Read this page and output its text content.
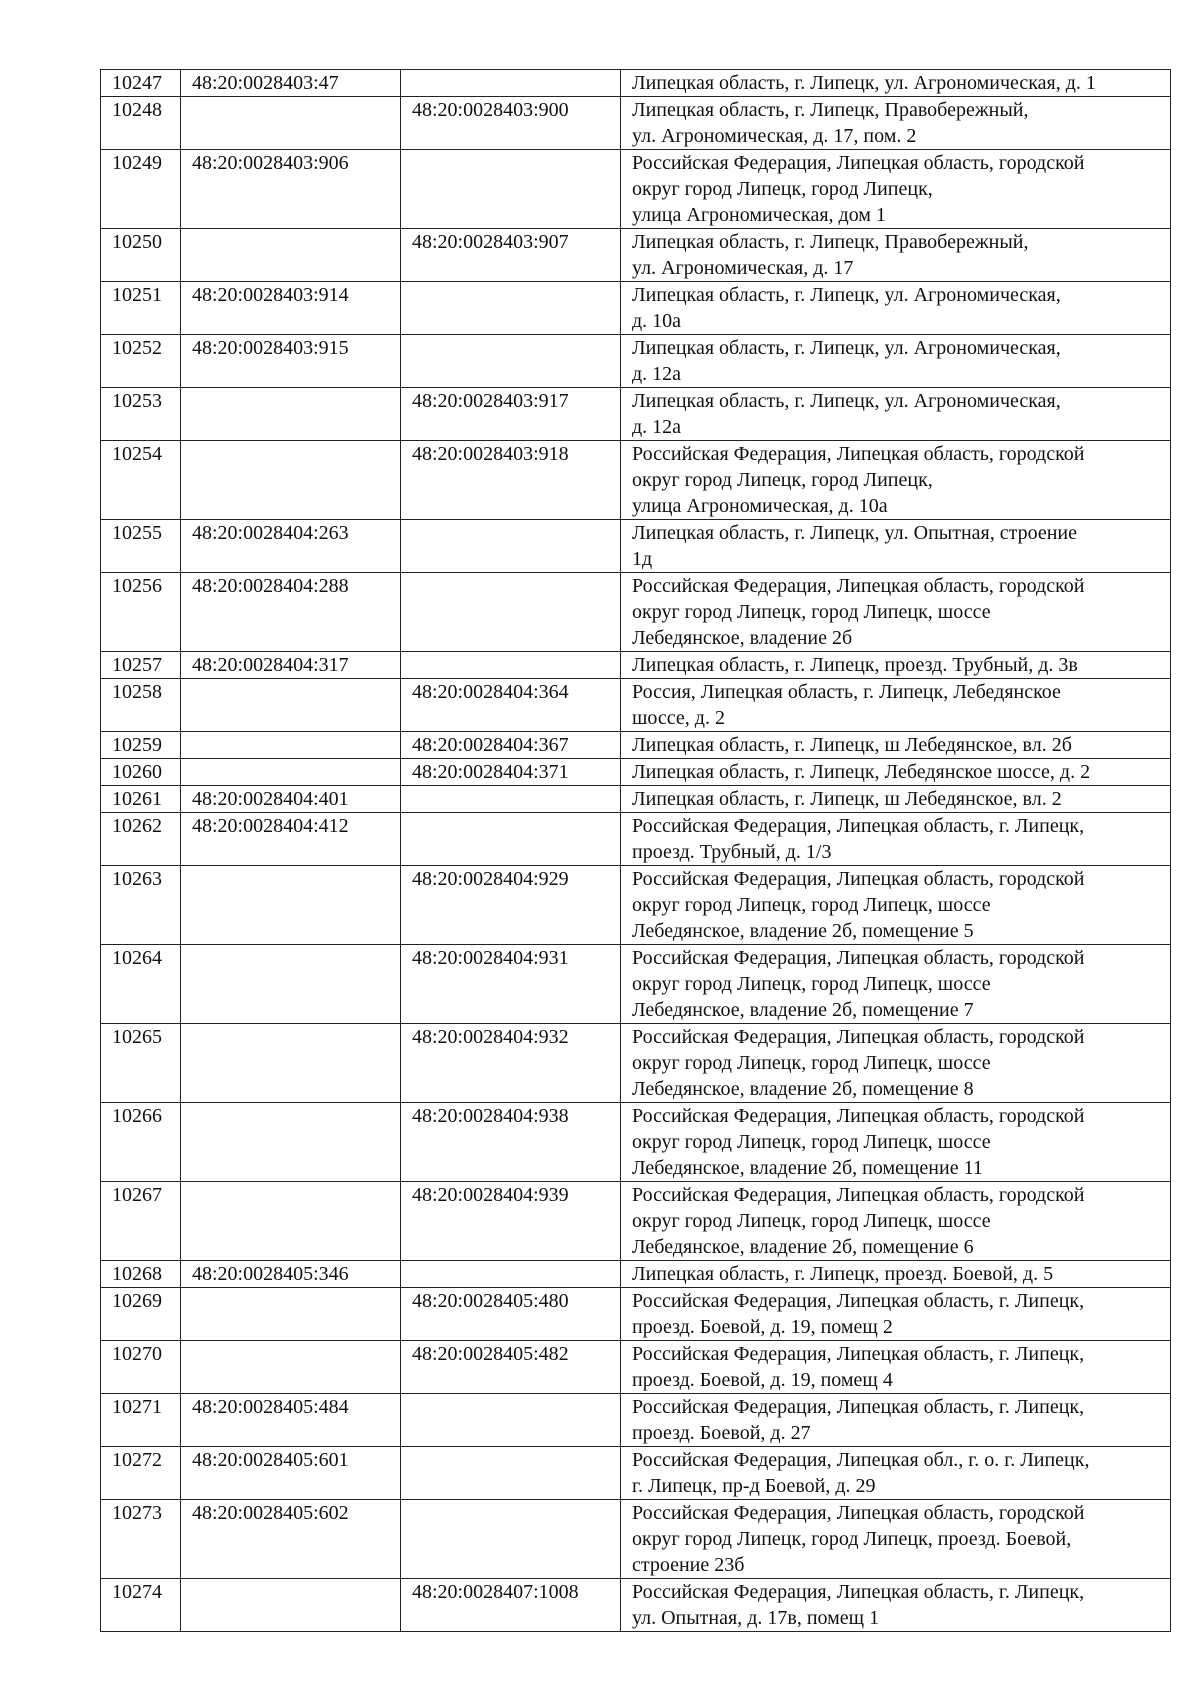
10247	48:20:0028403:47		Липецкая область, г. Липецк, ул. Агрономическая, д. 1
10248		48:20:0028403:900	Липецкая область, г. Липецк, Правобережный,
ул. Агрономическая, д. 17, пом. 2
10249	48:20:0028403:906		Российская Федерация, Липецкая область, городской
округ город Липецк, город Липецк,
улица Агрономическая, дом 1
10250		48:20:0028403:907	Липецкая область, г. Липецк, Правобережный,
ул. Агрономическая, д. 17
10251	48:20:0028403:914		Липецкая область, г. Липецк, ул. Агрономическая,
д. 10а
10252	48:20:0028403:915		Липецкая область, г. Липецк, ул. Агрономическая,
д. 12а
10253		48:20:0028403:917	Липецкая область, г. Липецк, ул. Агрономическая,
д. 12а
10254		48:20:0028403:918	Российская Федерация, Липецкая область, городской
округ город Липецк, город Липецк,
улица Агрономическая, д. 10а
10255	48:20:0028404:263		Липецкая область, г. Липецк, ул. Опытная, строение
1д
10256	48:20:0028404:288		Российская Федерация, Липецкая область, городской
округ город Липецк, город Липецк, шоссе
Лебедянское, владение 2б
10257	48:20:0028404:317		Липецкая область, г. Липецк, проезд. Трубный, д. 3в
10258		48:20:0028404:364	Россия, Липецкая область, г. Липецк, Лебедянское
шоссе, д. 2
10259		48:20:0028404:367	Липецкая область, г. Липецк, ш Лебедянское, вл. 2б
10260		48:20:0028404:371	Липецкая область, г. Липецк, Лебедянское шоссе, д. 2
10261	48:20:0028404:401		Липецкая область, г. Липецк, ш Лебедянское, вл. 2
10262	48:20:0028404:412		Российская Федерация, Липецкая область, г. Липецк,
проезд. Трубный, д. 1/3
10263		48:20:0028404:929	Российская Федерация, Липецкая область, городской
округ город Липецк, город Липецк, шоссе
Лебедянское, владение 2б, помещение 5
10264		48:20:0028404:931	Российская Федерация, Липецкая область, городской
округ город Липецк, город Липецк, шоссе
Лебедянское, владение 2б, помещение 7
10265		48:20:0028404:932	Российская Федерация, Липецкая область, городской
округ город Липецк, город Липецк, шоссе
Лебедянское, владение 2б, помещение 8
10266		48:20:0028404:938	Российская Федерация, Липецкая область, городской
округ город Липецк, город Липецк, шоссе
Лебедянское, владение 2б, помещение 11
10267		48:20:0028404:939	Российская Федерация, Липецкая область, городской
округ город Липецк, город Липецк, шоссе
Лебедянское, владение 2б, помещение 6
10268	48:20:0028405:346		Липецкая область, г. Липецк, проезд. Боевой, д. 5
10269		48:20:0028405:480	Российская Федерация, Липецкая область, г. Липецк,
проезд. Боевой, д. 19, помещ 2
10270		48:20:0028405:482	Российская Федерация, Липецкая область, г. Липецк,
проезд. Боевой, д. 19, помещ 4
10271	48:20:0028405:484		Российская Федерация, Липецкая область, г. Липецк,
проезд. Боевой, д. 27
10272	48:20:0028405:601		Российская Федерация, Липецкая обл., г. о. г. Липецк,
г. Липецк, пр-д Боевой, д. 29
10273	48:20:0028405:602		Российская Федерация, Липецкая область, городской
округ город Липецк, город Липецк, проезд. Боевой,
строение 23б
10274		48:20:0028407:1008	Российская Федерация, Липецкая область, г. Липецк,
ул. Опытная, д. 17в, помещ 1
